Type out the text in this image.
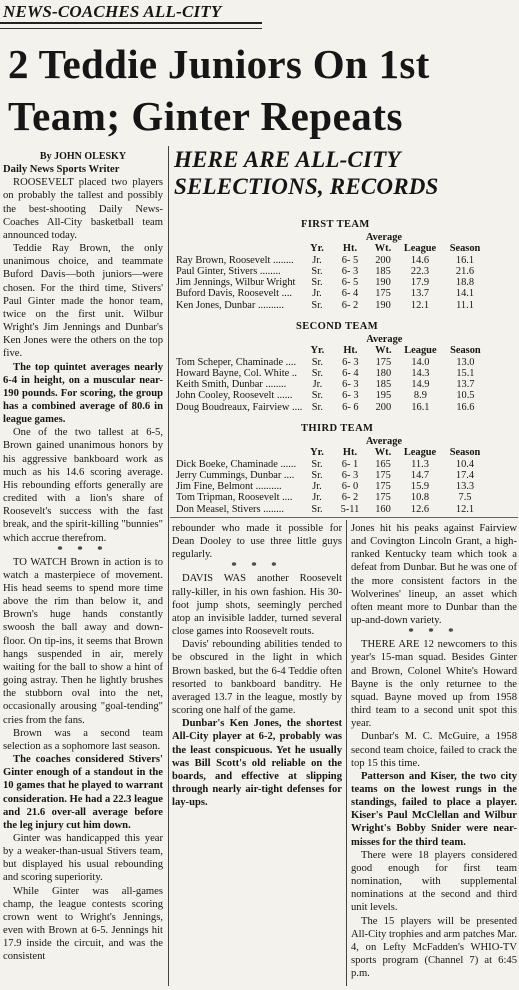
NEWS-COACHES ALL-CITY
2 Teddie Juniors On 1st
Team; Ginter Repeats

By JOHN OLESKY

Daily News Sports Writer

ROOSEVELT placed two players on probably the tallest and possibly the best-shooting Daily News-Coaches All-City basketball team announced today.

Teddie Ray Brown, the only unanimous choice, and teammate Buford Davis—both juniors—were chosen. For the third time, Stivers' Paul Ginter made the honor team, twice on the first unit. Wilbur Wright's Jim Jennings and Dunbar's Ken Jones were the others on the top five.

The top quintet averages nearly 6-4 in height, on a muscular near-190 pounds. For scoring, the group has a combined average of 80.6 in league games.

One of the two tallest at 6-5, Brown gained unanimous honors by his aggressive bankboard work as much as his 14.6 scoring average. His rebounding efforts generally are credited with a lion's share of Roosevelt's success with the fast break, and the spirit-killing "bunnies" which accrue therefrom.

* * *

TO WATCH Brown in action is to watch a masterpiece of movement. His head seems to spend more time above the rim than below it, and Brown's huge hands constantly swoosh the ball away and down-floor. On tip-ins, it seems that Brown hangs suspended in air, merely waiting for the ball to show a hint of going astray. Then he lightly brushes the stubborn oval into the net, occasionally arousing "goal-tending" cries from the fans.

Brown was a second team selection as a sophomore last season.

The coaches considered Stivers' Ginter enough of a standout in the 10 games that he played to warrant consideration. He had a 22.3 league and 21.6 over-all average before the leg injury cut him down.

Ginter was handicapped this year by a weaker-than-usual Stivers team, but displayed his usual rebounding and scoring superiority.

While Ginter was all-games champ, the league contests scoring crown went to Wright's Jennings, even with Brown at 6-5. Jennings hit 17.9 inside the circuit, and was the consistent

HERE ARE ALL-CITY
SELECTIONS, RECORDS
FIRST TEAM
Average					
	Yr.	Ht.	Wt.	League	Season
Ray Brown, Roosevelt ........	Jr.	6- 5	200	14.6	16.1
Paul Ginter, Stivers ........	Sr.	6- 3	185	22.3	21.6
Jim Jennings, Wilbur Wright	Sr.	6- 5	190	17.9	18.8
Buford Davis, Roosevelt ....	Jr.	6- 4	175	13.7	14.1
Ken Jones, Dunbar ..........	Sr.	6- 2	190	12.1	11.1
SECOND TEAM
Average					
	Yr.	Ht.	Wt.	League	Season
Tom Scheper, Chaminade ....	Sr.	6- 3	175	14.0	13.0
Howard Bayne, Col. White ..	Sr.	6- 4	180	14.3	15.1
Keith Smith, Dunbar ........	Jr.	6- 3	185	14.9	13.7
John Cooley, Roosevelt ......	Sr.	6- 3	195	8.9	10.5
Doug Boudreaux, Fairview ....	Sr.	6- 6	200	16.1	16.6
THIRD TEAM
Average					
	Yr.	Ht.	Wt.	League	Season
Dick Boeke, Chaminade ......	Sr.	6- 1	165	11.3	10.4
Jerry Cummings, Dunbar ....	Sr.	6- 3	175	14.7	17.4
Jim Fine, Belmont ..........	Jr.	6- 0	175	15.9	13.3
Tom Tripman, Roosevelt ....	Jr.	6- 2	175	10.8	7.5
Don Measel, Stivers ........	Sr.	5-11	160	12.6	12.1

rebounder who made it possible for Dean Dooley to use three little guys regularly.

* * *

DAVIS WAS another Roosevelt rally-killer, in his own fashion. His 30-foot jump shots, seemingly perched atop an invisible ladder, turned several close games into Roosevelt routs.

Davis' rebounding abilities tended to be obscured in the light in which Brown basked, but the 6-4 Teddie often resorted to bankboard banditry. He averaged 13.7 in the league, mostly by scoring one half of the game.

Dunbar's Ken Jones, the shortest All-City player at 6-2, probably was the least conspicuous. Yet he usually was Bill Scott's old reliable on the boards, and effective at slipping through nearly air-tight defenses for lay-ups.

Jones hit his peaks against Fairview and Covington Lincoln Grant, a high-ranked Kentucky team which took a defeat from Dunbar. But he was one of the more consistent factors in the Wolverines' lineup, an asset which often meant more to Dunbar than the up-and-down variety.

* * *

THERE ARE 12 newcomers to this year's 15-man squad. Besides Ginter and Brown, Colonel White's Howard Bayne is the only returnee to the squad. Bayne moved up from 1958 third team to a second unit spot this year.

Dunbar's M. C. McGuire, a 1958 second team choice, failed to crack the top 15 this time.

Patterson and Kiser, the two city teams on the lowest rungs in the standings, failed to place a player. Kiser's Paul McClellan and Wilbur Wright's Bobby Snider were near-misses for the third team.

There were 18 players considered good enough for first team nomination, with supplemental nominations at the second and third unit levels.

The 15 players will be presented All-City trophies and arm patches Mar. 4, on Lefty McFadden's WHIO-TV sports program (Channel 7) at 6:45 p.m.
